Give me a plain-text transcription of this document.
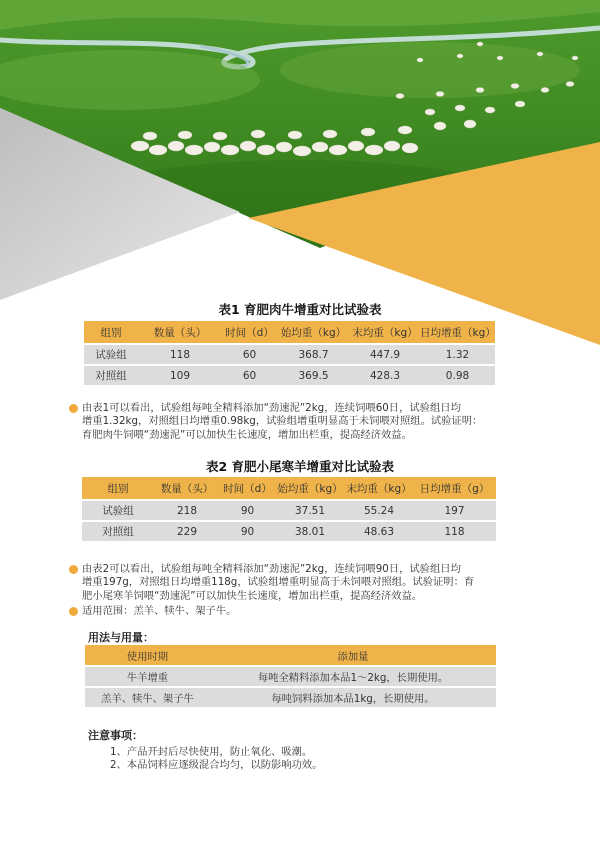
表1 育肥肉牛增重对比试验表
组别	数量（头）	时间（d）	始均重（kg）	末均重（kg）	日均增重（kg）
试验组	118	60	368.7	447.9	1.32
对照组	109	60	369.5	428.3	0.98
由表1可以看出，试验组每吨全精料添加“劲速泥”2kg，连续饲喂60日，试验组日均
增重1.32kg，对照组日均增重0.98kg，试验组增重明显高于未饲喂对照组。试验证明：
育肥肉牛饲喂“劲速泥”可以加快生长速度，增加出栏重，提高经济效益。
表2 育肥小尾寒羊增重对比试验表
组别	数量（头）	时间（d）	始均重（kg）	末均重（kg）	日均增重（g）
试验组	218	90	37.51	55.24	197
对照组	229	90	38.01	48.63	118
由表2可以看出，试验组每吨全精料添加“劲速泥”2kg，连续饲喂90日，试验组日均
增重197g，对照组日均增重118g，试验组增重明显高于未饲喂对照组。试验证明：育
肥小尾寒羊饲喂“劲速泥”可以加快生长速度，增加出栏重，提高经济效益。
适用范围：羔羊、犊牛、架子牛。
用法与用量：
使用时期	添加量
牛羊增重	每吨全精料添加本品1～2kg，长期使用。
羔羊、犊牛、架子牛	每吨饲料添加本品1kg，长期使用。
注意事项：
1、产品开封后尽快使用，防止氧化、吸潮。
2、本品饲料应逐级混合均匀，以防影响功效。
